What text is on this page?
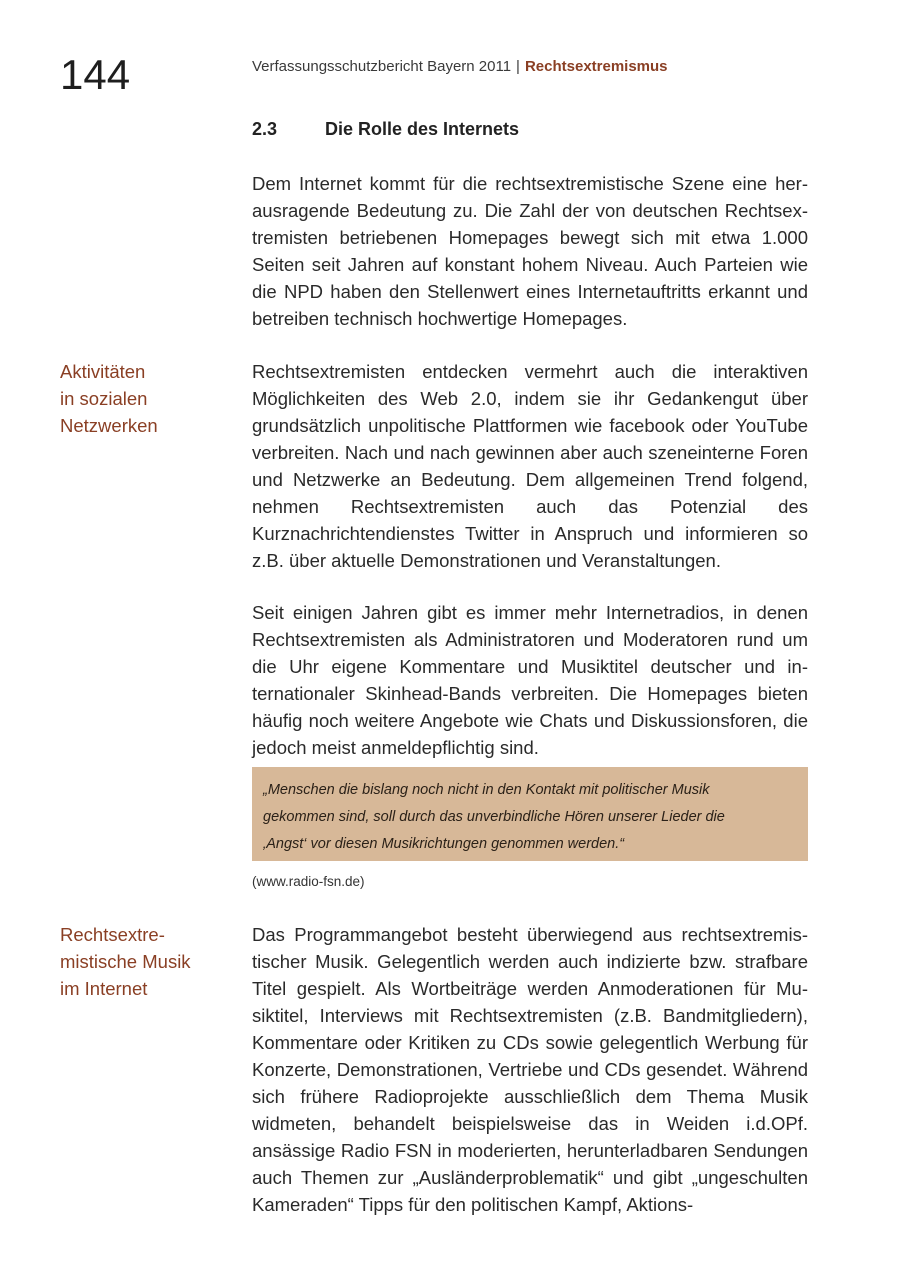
144	Verfassungsschutzbericht Bayern 2011 | Rechtsextremismus
2.3	Die Rolle des Internets

Dem Internet kommt für die rechtsextremistische Szene eine herausragende Bedeutung zu. Die Zahl der von deutschen Rechtsextremisten betriebenen Homepages bewegt sich mit etwa 1.000 Seiten seit Jahren auf konstant hohem Niveau. Auch Parteien wie die NPD haben den Stellenwert eines Internetauftritts erkannt und betreiben technisch hochwertige Homepages.

Aktivitäten
in sozialen
Netzwerken

Rechtsextremisten entdecken vermehrt auch die interaktiven Möglichkeiten des Web 2.0, indem sie ihr Gedankengut über grundsätzlich unpolitische Plattformen wie facebook oder YouTube verbreiten. Nach und nach gewinnen aber auch szeneinterne Foren und Netzwerke an Bedeutung. Dem allgemeinen Trend folgend, nehmen Rechtsextremisten auch das Potenzial des Kurznachrichtendienstes Twitter in Anspruch und informieren so z.B. über aktuelle Demonstrationen und Veranstaltungen.

Seit einigen Jahren gibt es immer mehr Internetradios, in denen Rechtsextremisten als Administratoren und Moderatoren rund um die Uhr eigene Kommentare und Musiktitel deutscher und internationaler Skinhead-Bands verbreiten. Die Homepages bieten häufig noch weitere Angebote wie Chats und Diskussionsforen, die jedoch meist anmeldepflichtig sind.

„Menschen die bislang noch nicht in den Kontakt mit politischer Musik
gekommen sind, soll durch das unverbindliche Hören unserer Lieder die
‚Angst‘ vor diesen Musikrichtungen genommen werden.“
(www.radio-fsn.de)
Rechtsextre-
mistische Musik
im Internet

Das Programmangebot besteht überwiegend aus rechtsextremistischer Musik. Gelegentlich werden auch indizierte bzw. strafbare Titel gespielt. Als Wortbeiträge werden Anmoderationen für Musiktitel, Interviews mit Rechtsextremisten (z.B. Bandmitgliedern), Kommentare oder Kritiken zu CDs sowie gelegentlich Werbung für Konzerte, Demonstrationen, Vertriebe und CDs gesendet. Während sich frühere Radioprojekte ausschließlich dem Thema Musik widmeten, behandelt beispielsweise das in Weiden i.d.OPf. ansässige Radio FSN in moderierten, herunterladbaren Sendungen auch Themen zur „Ausländerproblematik“ und gibt „ungeschulten Kameraden“ Tipps für den politischen Kampf, Aktions-
